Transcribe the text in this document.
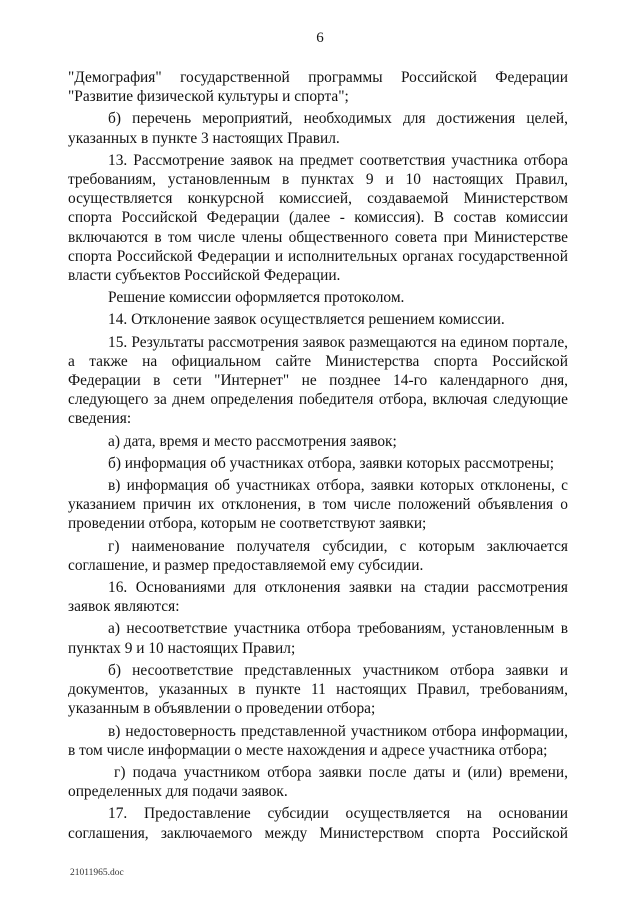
6

"Демография" государственной программы Российской Федерации "Развитие физической культуры и спорта";

б) перечень мероприятий, необходимых для достижения целей, указанных в пункте 3 настоящих Правил.

13. Рассмотрение заявок на предмет соответствия участника отбора требованиям, установленным в пунктах 9 и 10 настоящих Правил, осуществляется конкурсной комиссией, создаваемой Министерством спорта Российской Федерации (далее - комиссия). В состав комиссии включаются в том числе члены общественного совета при Министерстве спорта Российской Федерации и исполнительных органах государственной власти субъектов Российской Федерации.

Решение комиссии оформляется протоколом.

14. Отклонение заявок осуществляется решением комиссии.

15. Результаты рассмотрения заявок размещаются на едином портале, а также на официальном сайте Министерства спорта Российской Федерации в сети "Интернет" не позднее 14-го календарного дня, следующего за днем определения победителя отбора, включая следующие сведения:

а) дата, время и место рассмотрения заявок;

б) информация об участниках отбора, заявки которых рассмотрены;

в) информация об участниках отбора, заявки которых отклонены, с указанием причин их отклонения, в том числе положений объявления о проведении отбора, которым не соответствуют заявки;

г) наименование получателя субсидии, с которым заключается соглашение, и размер предоставляемой ему субсидии.

16. Основаниями для отклонения заявки на стадии рассмотрения заявок являются:

а) несоответствие участника отбора требованиям, установленным в пунктах 9 и 10 настоящих Правил;

б) несоответствие представленных участником отбора заявки и документов, указанных в пункте 11 настоящих Правил, требованиям, указанным в объявлении о проведении отбора;

в) недостоверность представленной участником отбора информации, в том числе информации о месте нахождения и адресе участника отбора;

г) подача участником отбора заявки после даты и (или) времени, определенных для подачи заявок.

17. Предоставление субсидии осуществляется на основании соглашения, заключаемого между Министерством спорта Российской

21011965.doc
